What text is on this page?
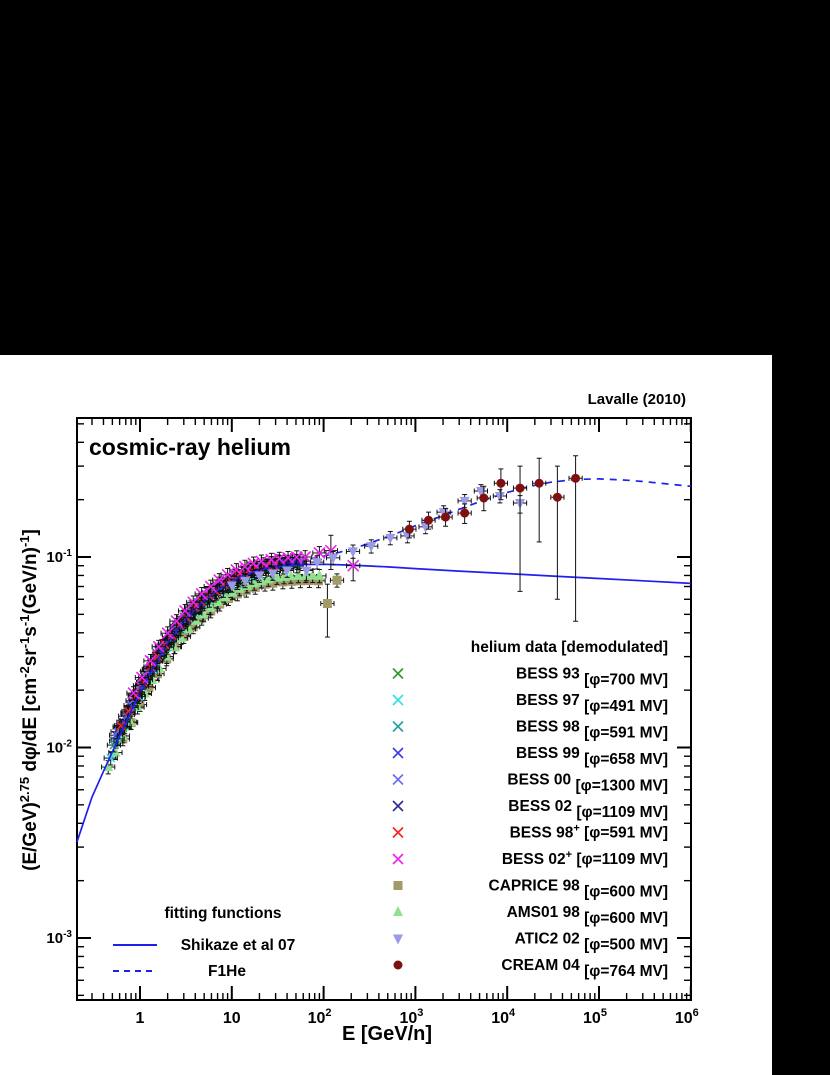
Lavalle (2010)
cosmic-ray helium
E [GeV/n]
1	10	$10^2$	$10^3$	$10^4$	$10^5$	$10^6$
$10^{-1}$
$10^{-2}$
$10^{-3}$
$(E/GeV)^{2.75}$ dφ/dE $[cm^{-2}sr^{-1}s^{-1}(GeV/n)^{-1}]$
helium data [demodulated]
BESS 93 [φ=700 MV]
BESS 97 [φ=491 MV]
BESS 98 [φ=591 MV]
BESS 99 [φ=658 MV]
BESS 00 [φ=1300 MV]
BESS 02 [φ=1109 MV]
BESS 98+ [φ=591 MV]
BESS 02+ [φ=1109 MV]
CAPRICE 98 [φ=600 MV]
AMS01 98 [φ=600 MV]
ATIC2 02 [φ=500 MV]
CREAM 04 [φ=764 MV]
fitting functions
Shikaze et al 07
F1He
